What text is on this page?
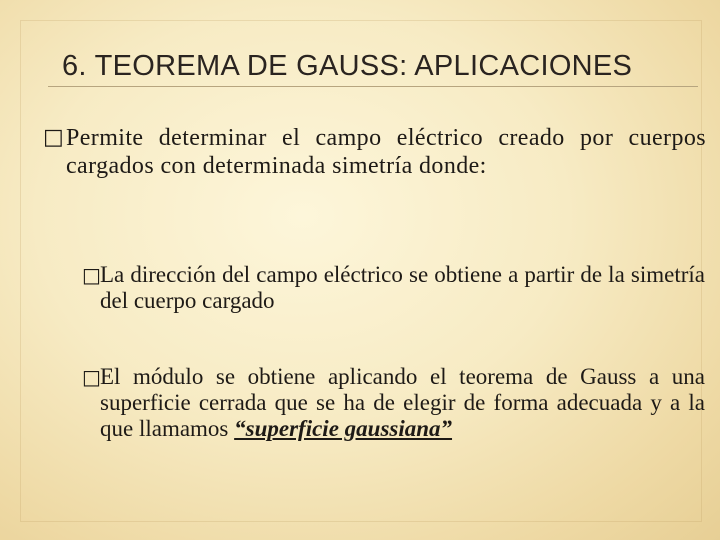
6. TEOREMA DE GAUSS: APLICACIONES
□ Permite determinar el campo eléctrico creado por cuerpos cargados con determinada simetría donde:
□ La dirección del campo eléctrico se obtiene a partir de la simetría del cuerpo cargado
□ El módulo se obtiene aplicando el teorema de Gauss a una superficie cerrada que se ha de elegir de forma adecuada y a la que llamamos “superficie gaussiana”
